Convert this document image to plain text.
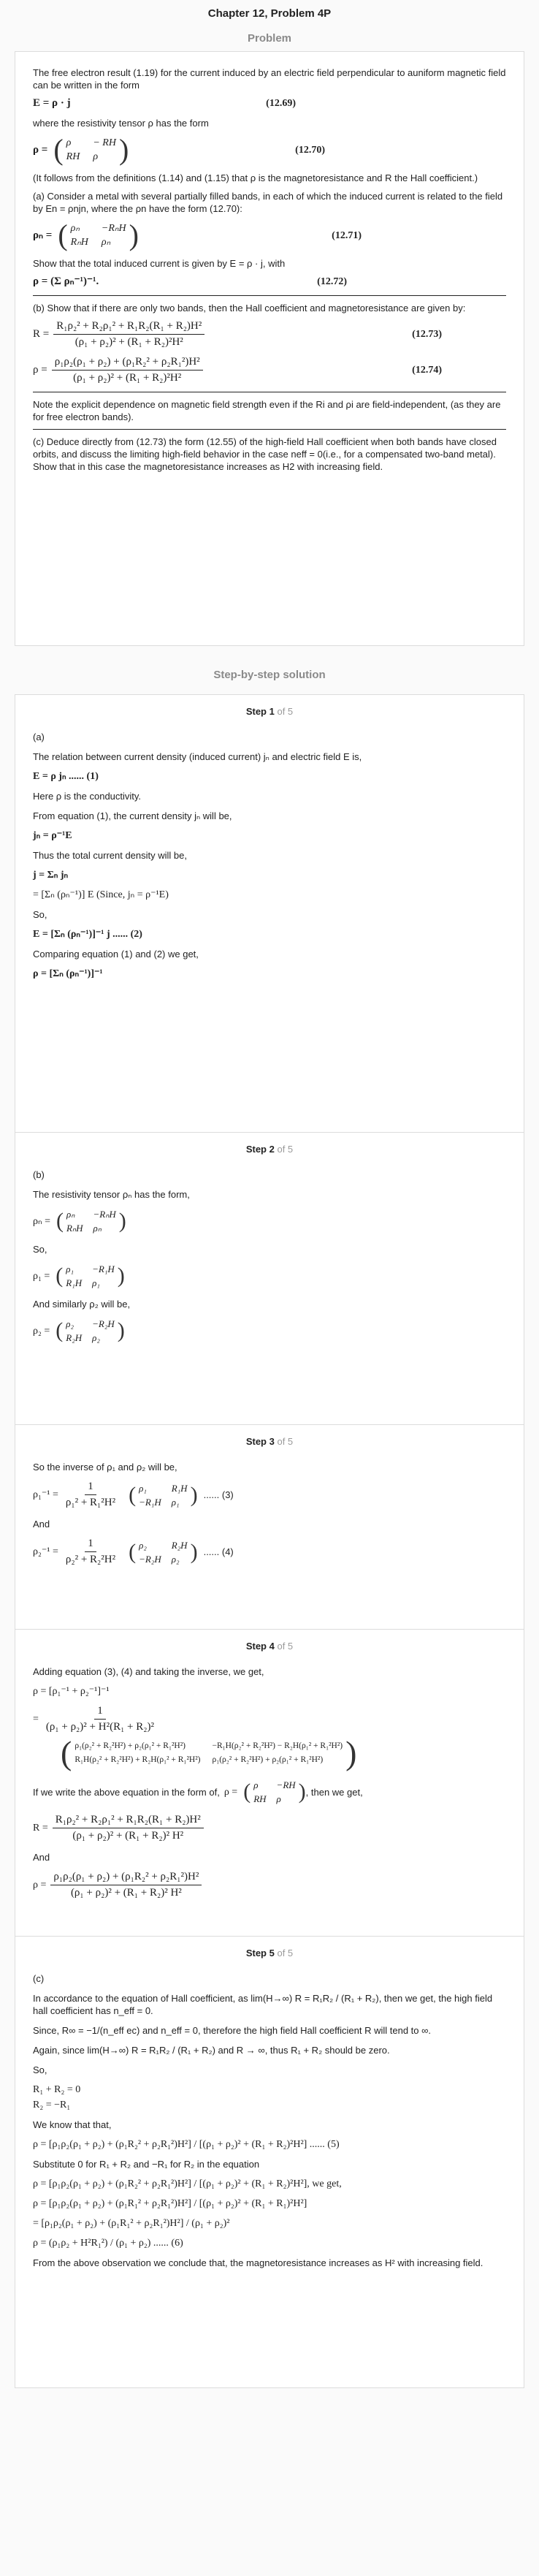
Chapter 12, Problem 4P
Problem

The free electron result (1.19) for the current induced by an electric field perpendicular to auniform magnetic field can be written in the form

E = ρ · j	(12.69)

where the resistivity tensor ρ has the form

ρ = ( ρ	− RH
RH ρ )	(12.70)

(It follows from the definitions (1.14) and (1.15) that ρ is the magnetoresistance and R the Hall coefficient.)

(a) Consider a metal with several partially filled bands, in each of which the induced current is related to the field by En = ρnjn, where the ρn have the form (12.70):

ρₙ = ( ρₙ	−RₙH
RₙH ρₙ )	(12.71)

Show that the total induced current is given by E = ρ · j, with

ρ = (Σ ρₙ⁻¹)⁻¹.	(12.72)

(b) Show that if there are only two bands, then the Hall coefficient and magnetoresistance are given by:

$R = \frac{\text{R₁ρ₂² + R₂ρ₁² + R₁R₂(R₁ + R₂)H²}}{\text{(ρ₁ + ρ₂)² + (R₁ + R₂)²H²}}$	(12.73)
$\rho = \frac{\text{ρ₁ρ₂(ρ₁ + ρ₂) + (ρ₁R₂² + ρ₂R₁²)H²}}{\text{(ρ₁ + ρ₂)² + (R₁ + R₂)²H²}}$	(12.74)

Note the explicit dependence on magnetic field strength even if the Ri and ρi are field-independent, (as they are for free electron bands).

(c) Deduce directly from (12.73) the form (12.55) of the high-field Hall coefficient when both bands have closed orbits, and discuss the limiting high-field behavior in the case neff = 0(i.e., for a compensated two-band metal). Show that in this case the magnetoresistance increases as H2 with increasing field.

Step-by-step solution
Step 1 of 5
(a)
The relation between current density (induced current) jₙ and electric field E is,
E = ρ jₙ ...... (1)
Here ρ is the conductivity.
From equation (1), the current density jₙ will be,
jₙ = ρ⁻¹E
Thus the total current density will be,
j = Σₙ jₙ
= [Σₙ (ρₙ⁻¹)] E (Since, jₙ = ρ⁻¹E)
So,
E = [Σₙ (ρₙ⁻¹)]⁻¹ j ...... (2)
Comparing equation (1) and (2) we get,
ρ = [Σₙ (ρₙ⁻¹)]⁻¹
Step 2 of 5
(b)
The resistivity tensor ρₙ has the form,
ρₙ = ( ρₙ	−RₙH
RₙH ρₙ )
So,
ρ₁ = ( ρ₁	−R₁H
R₁H ρ₁ )
And similarly ρ₂ will be,
ρ₂ = ( ρ₂	−R₂H
R₂H ρ₂ )
Step 3 of 5
So the inverse of ρ₁ and ρ₂ will be,
$\rho_1^{-1} = \frac{1}{\text{ρ₁² + R₁²H²}}$ ( ρ₁	R₁H
−R₁H ρ₁ ) ...... (3)
And
$\rho_2^{-1} = \frac{1}{\text{ρ₂² + R₂²H²}}$ ( ρ₂	R₂H
−R₂H ρ₂ ) ...... (4)
Step 4 of 5
Adding equation (3), (4) and taking the inverse, we get,
ρ = [ρ₁⁻¹ + ρ₂⁻¹]⁻¹
= $\frac{1}{\text{(ρ₁ + ρ₂)² + H²(R₁ + R₂)²}}$
( ρ₁(ρ₂² + R₂²H²) + ρ₂(ρ₁² + R₁²H²)	−R₁H(ρ₂² + R₂²H²) − R₂H(ρ₁² + R₁²H²)
R₁H(ρ₂² + R₂²H²) + R₂H(ρ₁² + R₁²H²) ρ₁(ρ₂² + R₂²H²) + ρ₂(ρ₁² + R₁²H²) )
If we write the above equation in the form of, ρ = ( ρ	−RH
RH ρ ) , then we get,
$R = \frac{\text{R₁ρ₂² + R₂ρ₁² + R₁R₂(R₁ + R₂)H²}}{\text{(ρ₁ + ρ₂)² + (R₁ + R₂)² H²}}$
And
$\rho = \frac{\text{ρ₁ρ₂(ρ₁ + ρ₂) + (ρ₁R₂² + ρ₂R₁²)H²}}{\text{(ρ₁ + ρ₂)² + (R₁ + R₂)² H²}}$
Step 5 of 5
(c)
In accordance to the equation of Hall coefficient, as lim(H→∞) R = R₁R₂ / (R₁ + R₂), then we get, the high field hall coefficient has n_eff = 0.
Since, R∞ = −1/(n_eff ec) and n_eff = 0, therefore the high field Hall coefficient R will tend to ∞.
Again, since lim(H→∞) R = R₁R₂ / (R₁ + R₂) and R → ∞, thus R₁ + R₂ should be zero.
So,
R₁ + R₂ = 0
R₂ = −R₁
We know that that,
ρ = [ρ₁ρ₂(ρ₁ + ρ₂) + (ρ₁R₂² + ρ₂R₁²)H²] / [(ρ₁ + ρ₂)² + (R₁ + R₂)²H²] ...... (5)
Substitute 0 for R₁ + R₂ and −R₁ for R₂ in the equation
ρ = [ρ₁ρ₂(ρ₁ + ρ₂) + (ρ₁R₂² + ρ₂R₁²)H²] / [(ρ₁ + ρ₂)² + (R₁ + R₂)²H²], we get,
ρ = [ρ₁ρ₂(ρ₁ + ρ₂) + (ρ₁R₁² + ρ₂R₁²)H²] / [(ρ₁ + ρ₂)² + (R₁ + R₁)²H²]
= [ρ₁ρ₂(ρ₁ + ρ₂) + (ρ₁R₁² + ρ₂R₁²)H²] / (ρ₁ + ρ₂)²
ρ = (ρ₁ρ₂ + H²R₁²) / (ρ₁ + ρ₂) ...... (6)
From the above observation we conclude that, the magnetoresistance increases as H² with increasing field.
